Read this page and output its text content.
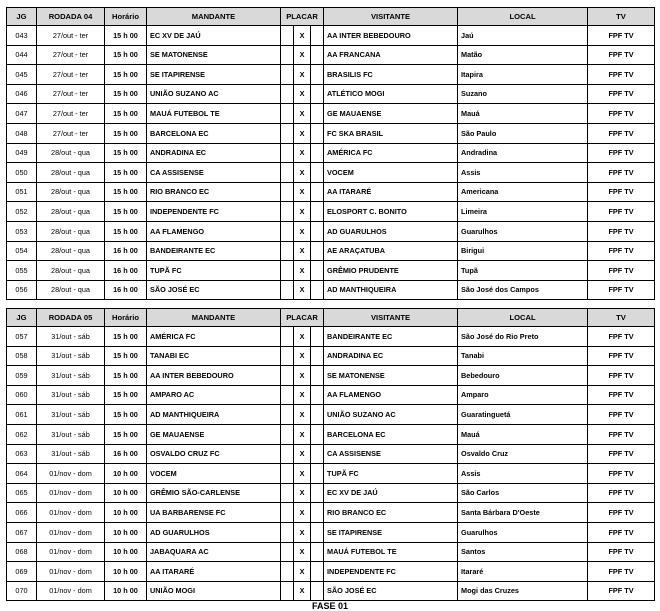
JG	RODADA 04	Horário	MANDANTE	PLACAR			VISITANTE	LOCAL	TV
043	27/out - ter	15 h 00	EC XV DE JAÚ		X		AA INTER BEBEDOURO	Jaú	FPF TV
044	27/out - ter	15 h 00	SE MATONENSE		X		AA FRANCANA	Matão	FPF TV
045	27/out - ter	15 h 00	SE ITAPIRENSE		X		BRASILIS FC	Itapira	FPF TV
046	27/out - ter	15 h 00	UNIÃO SUZANO AC		X		ATLÉTICO MOGI	Suzano	FPF TV
047	27/out - ter	15 h 00	MAUÁ FUTEBOL TE		X		GE MAUAENSE	Mauá	FPF TV
048	27/out - ter	15 h 00	BARCELONA EC		X		FC SKA BRASIL	São Paulo	FPF TV
049	28/out - qua	15 h 00	ANDRADINA EC		X		AMÉRICA FC	Andradina	FPF TV
050	28/out - qua	15 h 00	CA ASSISENSE		X		VOCEM	Assis	FPF TV
051	28/out - qua	15 h 00	RIO BRANCO EC		X		AA ITARARÉ	Americana	FPF TV
052	28/out - qua	15 h 00	INDEPENDENTE FC		X		ELOSPORT C. BONITO	Limeira	FPF TV
053	28/out - qua	15 h 00	AA FLAMENGO		X		AD GUARULHOS	Guarulhos	FPF TV
054	28/out - qua	16 h 00	BANDEIRANTE EC		X		AE ARAÇATUBA	Birigui	FPF TV
055	28/out - qua	16 h 00	TUPÃ FC		X		GRÊMIO PRUDENTE	Tupã	FPF TV
056	28/out - qua	16 h 00	SÃO JOSÉ EC		X		AD MANTHIQUEIRA	São José dos Campos	FPF TV
JG	RODADA 05	Horário	MANDANTE	PLACAR			VISITANTE	LOCAL	TV
057	31/out - sáb	15 h 00	AMÉRICA FC		X		BANDEIRANTE EC	São José do Rio Preto	FPF TV
058	31/out - sáb	15 h 00	TANABI EC		X		ANDRADINA EC	Tanabi	FPF TV
059	31/out - sáb	15 h 00	AA INTER BEBEDOURO		X		SE MATONENSE	Bebedouro	FPF TV
060	31/out - sáb	15 h 00	AMPARO AC		X		AA FLAMENGO	Amparo	FPF TV
061	31/out - sáb	15 h 00	AD MANTHIQUEIRA		X		UNIÃO SUZANO AC	Guaratinguetá	FPF TV
062	31/out - sáb	15 h 00	GE MAUAENSE		X		BARCELONA EC	Mauá	FPF TV
063	31/out - sáb	16 h 00	OSVALDO CRUZ FC		X		CA ASSISENSE	Osvaldo Cruz	FPF TV
064	01/nov - dom	10 h 00	VOCEM		X		TUPÃ FC	Assis	FPF TV
065	01/nov - dom	10 h 00	GRÊMIO SÃO-CARLENSE		X		EC XV DE JAÚ	São Carlos	FPF TV
066	01/nov - dom	10 h 00	UA BARBARENSE FC		X		RIO BRANCO EC	Santa Bárbara D'Oeste	FPF TV
067	01/nov - dom	10 h 00	AD GUARULHOS		X		SE ITAPIRENSE	Guarulhos	FPF TV
068	01/nov - dom	10 h 00	JABAQUARA AC		X		MAUÁ FUTEBOL TE	Santos	FPF TV
069	01/nov - dom	10 h 00	AA ITARARÉ		X		INDEPENDENTE FC	Itararé	FPF TV
070	01/nov - dom	10 h 00	UNIÃO MOGI		X		SÃO JOSÉ EC	Mogi das Cruzes	FPF TV
FASE 01
